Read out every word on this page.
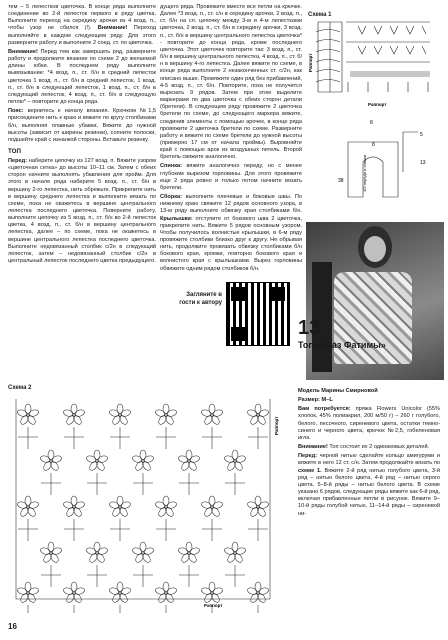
тем – 5 лепестков цветочка. В конце ряда выполните соединение во 2-й лепесток первого в ряду цветка. Выполните переход на середину арочки из 4 возд. п., чтобы узор не сбился (!). Внимание! Переход выполняйте в каждом следующем ряду. Для этого разверните работу и выполните 2 соед. ст. по цветочка.

Внимание! Перед тем как завершить ряд, разверните работу и продолжите вязание по схеме 2 до желаемой длины юбки. В последнем ряду выполните вывязывание: *4 возд. п., ст. б/н в средний лепесток цветочка 1 возд. п., ст. б/н в средний лепесток, 1 возд. п., ст. б/н в следующий лепесток, 1 возд. п., ст. б/н в следующий лепесток, 4 возд. п., ст. б/н в следующую петлю* – повторите до конца ряда.

Пояс: вернитесь к началу вязания. Крючком №1,5 присоедините нить к краю и вяжите по кругу столбиками б/н, выполняя плавные убавки. Вяжите до нужной высоты (зависит от ширины резинки), сопните полоски, подшейте край с изнанкой стороны. Вставьте резинку.

ТОП

Перед: наберите цепочку из 127 возд. п. Вяжите узором «цветочная сетка» до высоты 10–11 см. Затем с обеих сторон начните выполнять убавления для пройм. Для этого в начале ряда наберите 5 возд. п., ст. б/н в вершину 2-го лепестка, нить обрежьте. Прикрепите нить в вершину среднего лепестка и выполните вязать по схеме, пока не окажетесь в вершине центрального лепестка последнего цветочка. Поверните работу, выполните цепочку из 5 возд. п., ст. б/н во 2-й лепесток цветка, 4 возд. п., ст. б/н в вершину центрального лепестка, далее – по схеме, пока не окажетесь в вершине центрального лепестка последнего цветочка. Выполните недовязанный столбик с/2н в следующий лепесток, затем – недовязанный столбик с/2н в центральный лепесток последнего цветка предыдущего.

дущего ряда. Провяжите вместе все петли на крючке. Далее *3 возд. п., ст. с/н в середину арочки, 2 возд. п., ст. б/н на сп. цепочку между 3-м и 4-м лепестками цветочка, 2 возд. п., ст. б/н в середину арочки, 3 возд. п., ст. б/н в вершину центрального лепестка цветочка* - повторите до конца ряда, кроме последнего цветочка. Этот цветочек повторите так: 3 возд. п., ст. б/н в вершину центрального лепестка, 4 возд. п., ст. б/н в вершину 4-го лепестка. Далее вяжите по схеме, в конце ряда выполните 2 незаконченных ст. с/2н, как описано выше. Провяжите один ряд без прибавлений, 4-5 возд. п., ст. б/н. Повторите, пока не получится вырезать 9 рядов. Затем при этом выделите маркерами по два цветочка с обеих сторон детали (бретели). В следующем ряду провяжите 2 цветочка бретели по схеме, до следующего маркера вяжите, соединив элементы с помощью арочек, в конце ряда провяжите 2 цветочка бретели по схеме. Разверните работу и вяжите по схеме бретели до нужной высоты (примерно 17 см от начала проймы). Выровняйте край с помощью арок из воздушных петель. Второй бретель свяжите аналогично.

Спинка: вяжите аналогично переду, но с менее глубоким вырезом горловины. Для этого провяжите еще 2 ряда ровно и только потом начните вязать бретели.

Сборка: выполните плечевые и боковые швы. По нижнему краю свяжите 12 рядов основного узора, в 13-м ряду выполните обвязку края столбиками б/н. Крылышки: отступите от бокового шва 2 цветочка, прикрепите нить. Вяжите 5 рядов основным узором. Чтобы получилось волнистые крылышки, в 6-м ряду провяжите столбики близко друг к другу. Не обрывая нить, продолжите провязать обвязку столбиками б/н бокового края, кромки, повторно бокового края и волнистого края с крылышками. Вырез горловины обвяжите одним рядом столбиков б/н.

Схема 1
Раппорт
Раппорт
8
5
13
38
8
1/2 переда и спинки
Загляните в гости к автору
13
Топ «Глаз Фатимы»

Модель Марины Смирновой

Размер: M–L

Вам потребуется: пряжа Flowers Unicolor (55% хлопок, 45% полиакрил, 200 м/50 г) – 260 г голубого, белого, песочного, сиреневого цвета, остатки темно-синего и черного цвета, крючок №2,5, гобеленовая игла.

Внимание! Топ состоит их 2 одинаковых деталей.

Перед: черной нитью сделайте кольцо амигуруми и вяжите в него 12 ст. с/н. Затем продолжайте вязать по схеме 1. Вяжите 2-й ряд нитью голубого цвета, 3-й ряд – нитью белого цвета, 4-й ряд – нитью серого цвета, 5–8-й ряды – нитью белого цвета. В схеме указано 6 рядов, следующие ряды вяжите как 6-й ряд, включая прибавленные петли в рисунок. Вяжите 9–10-й ряды голубой нитью, 11–14-й ряды – сиреневой ни-

Схема 2
Раппорт
Раппорт
16
